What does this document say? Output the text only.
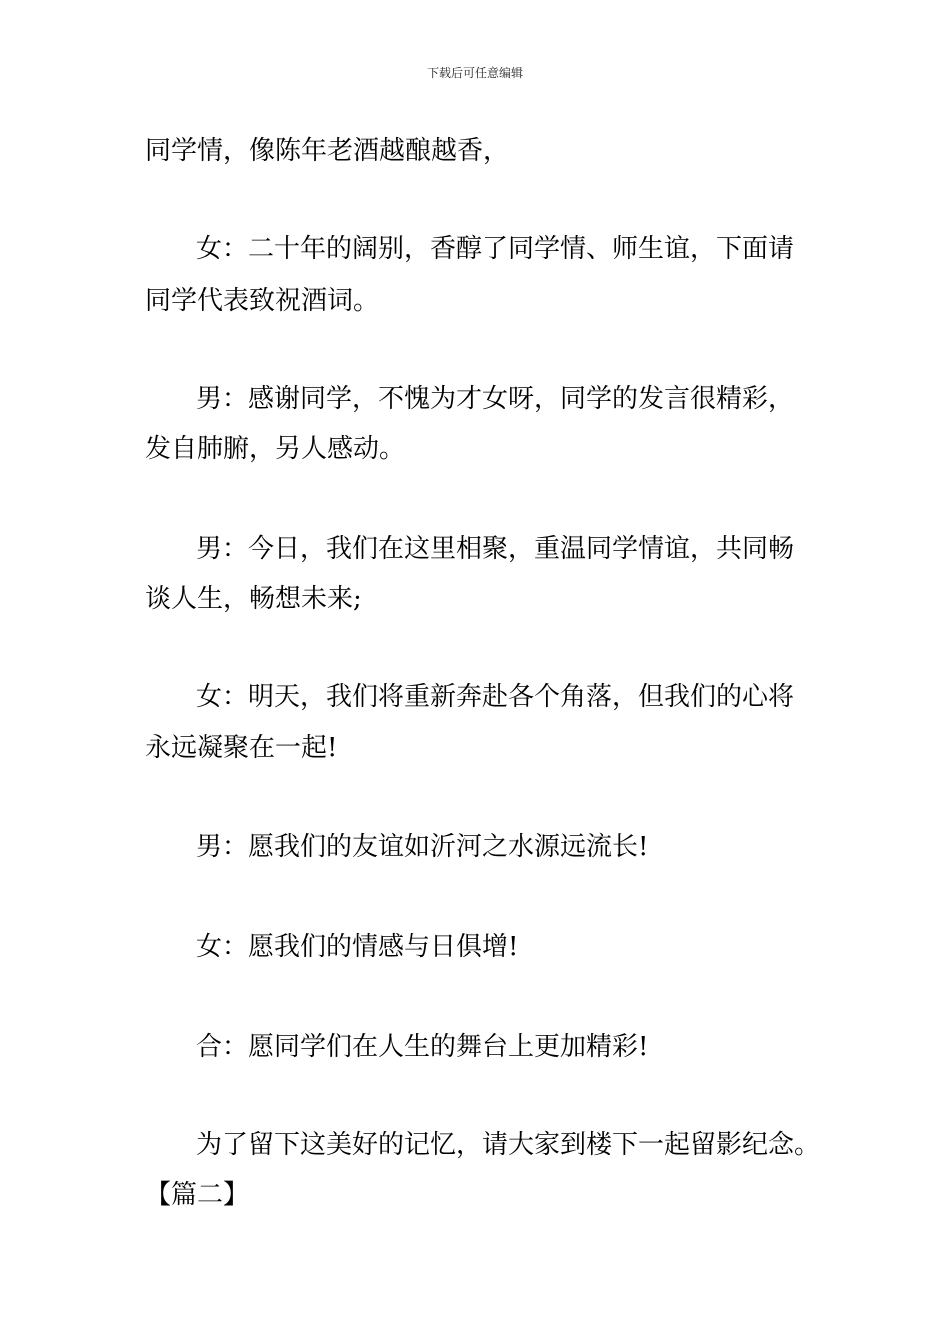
下载后可任意编辑
同学情，像陈年老酒越酿越香，
女：二十年的阔别，香醇了同学情、师生谊，下面请
同学代表致祝酒词。
男：感谢同学，不愧为才女呀，同学的发言很精彩，
发自肺腑，另人感动。
男：今日，我们在这里相聚，重温同学情谊，共同畅
谈人生，畅想未来;
女：明天，我们将重新奔赴各个角落，但我们的心将
永远凝聚在一起!
男：愿我们的友谊如沂河之水源远流长!
女：愿我们的情感与日俱增!
合：愿同学们在人生的舞台上更加精彩!
为了留下这美好的记忆，请大家到楼下一起留影纪念。
【篇二】
